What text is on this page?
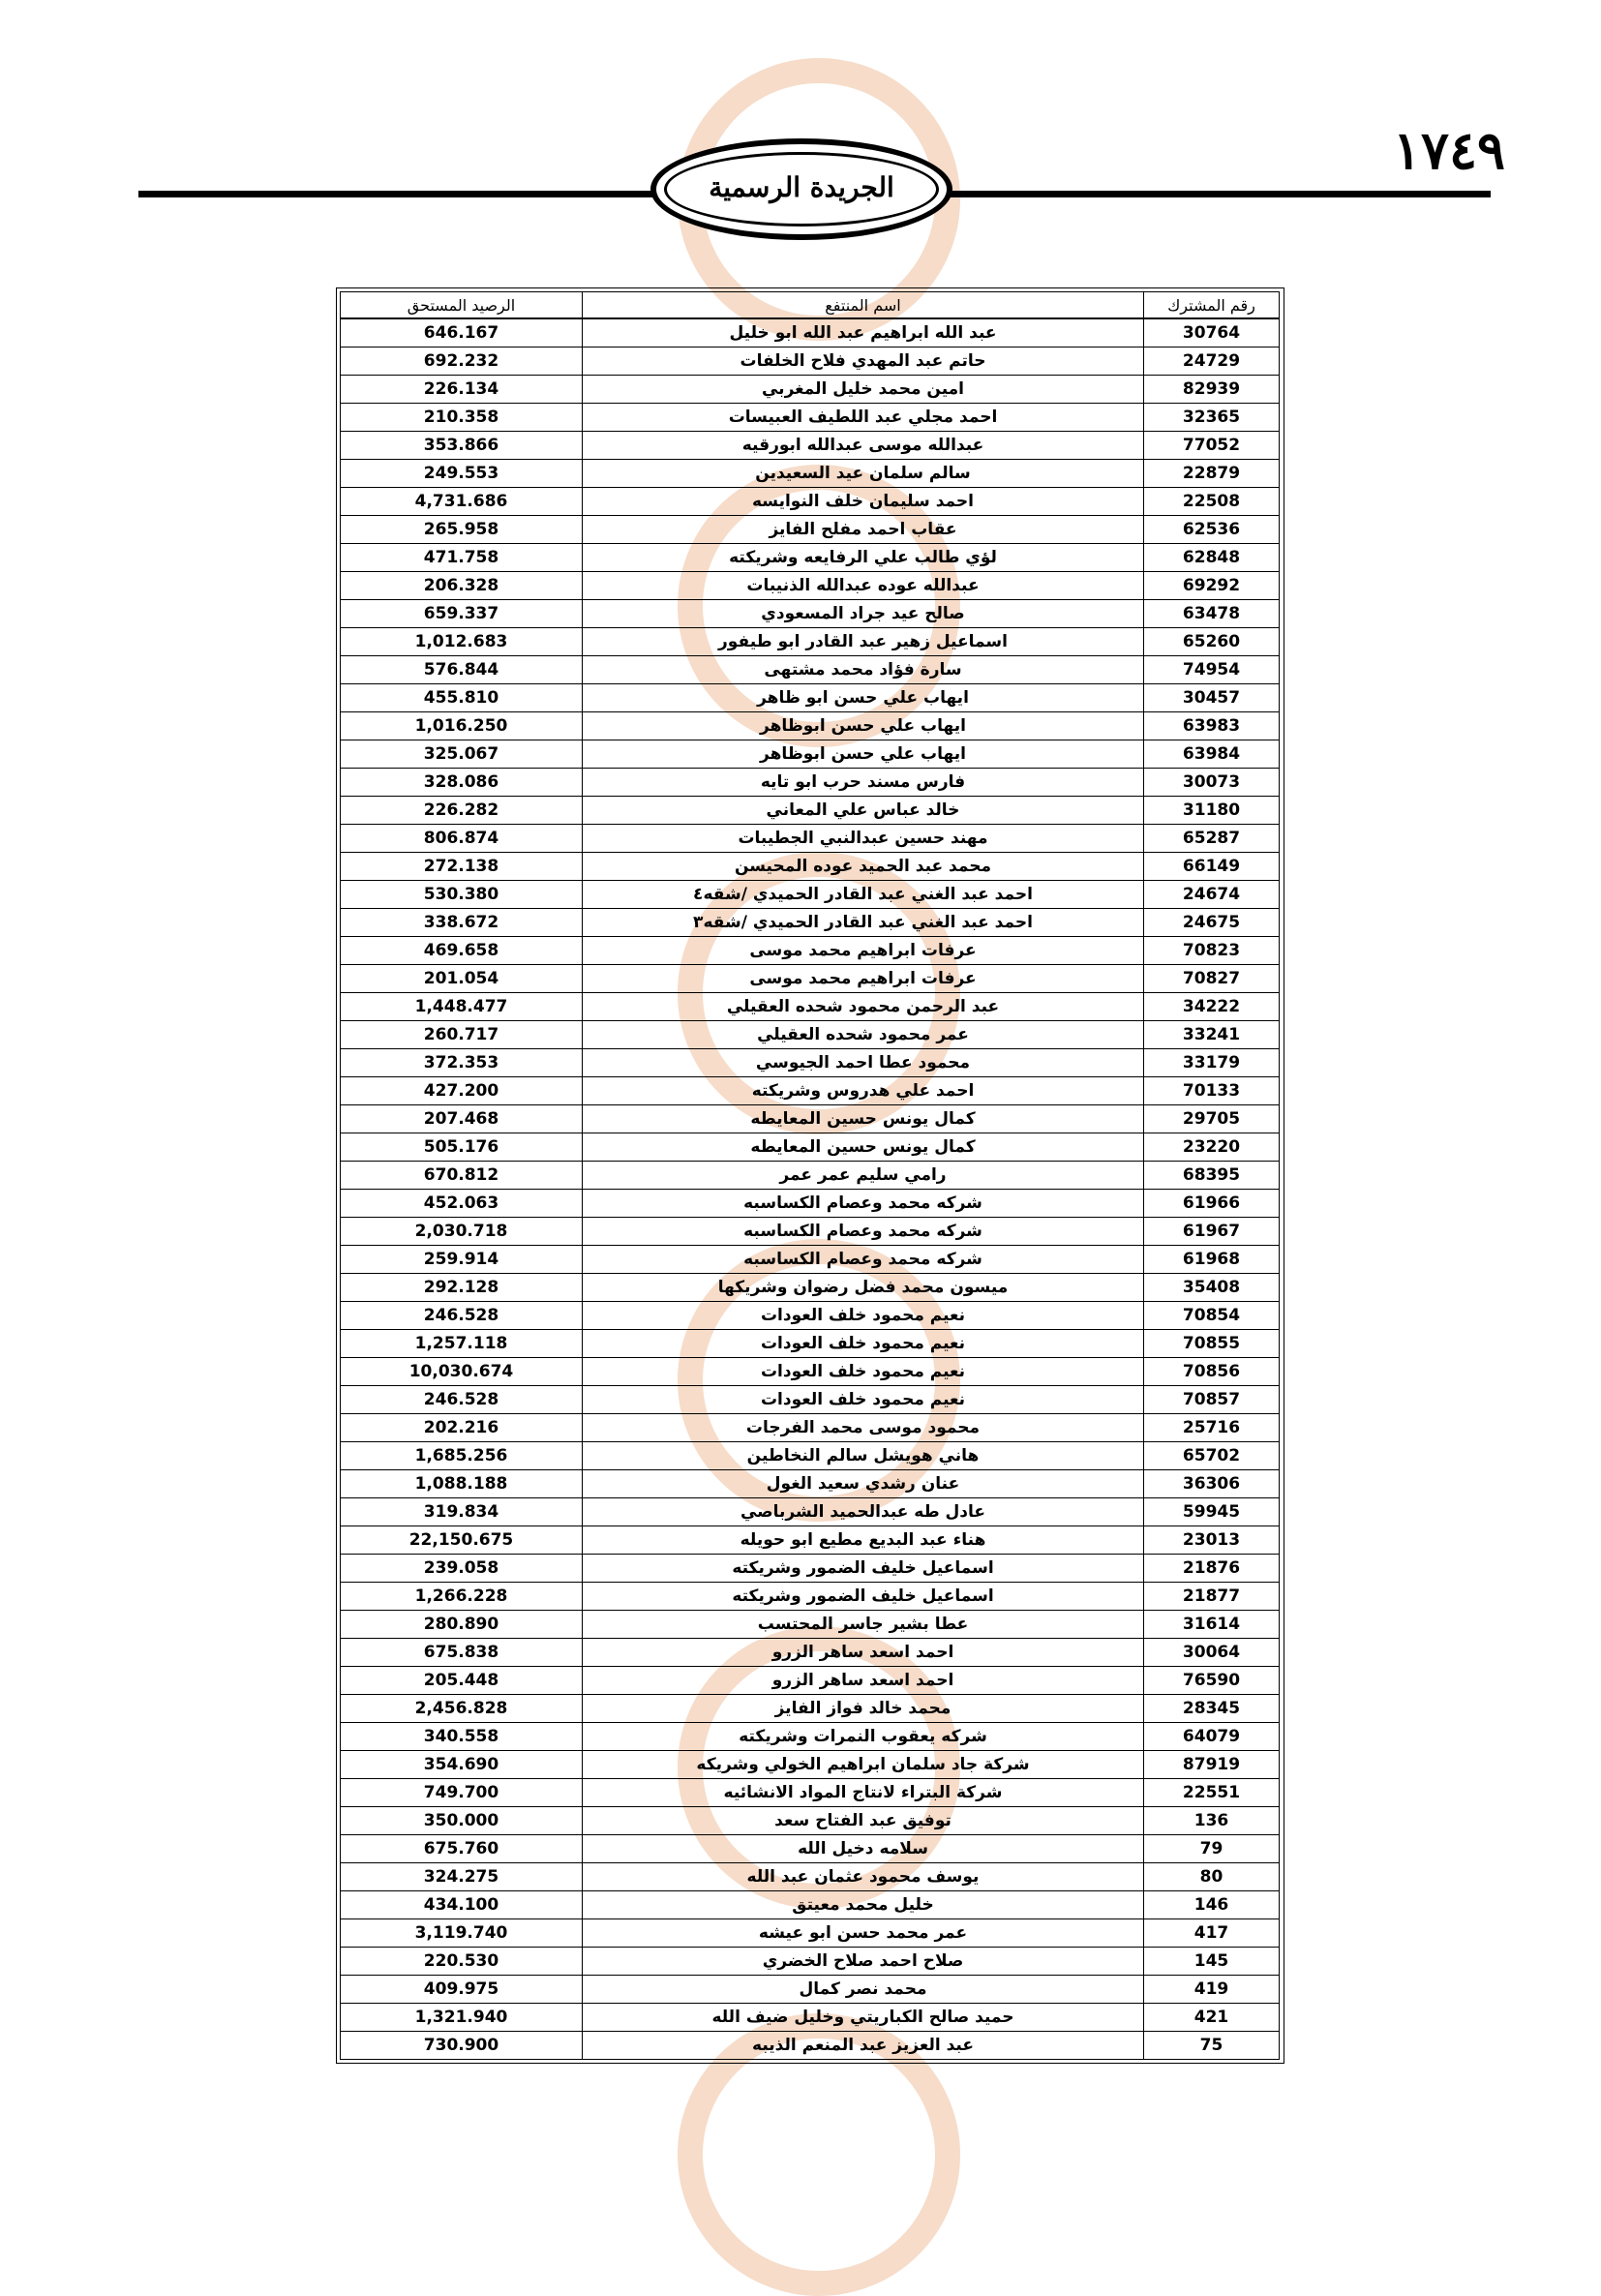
١٧٤٩
الجريدة الرسمية
الرصيد المستحق	اسم المنتفع	رقم المشترك
646.167	عبد الله ابراهيم عبد الله ابو خليل	30764
692.232	حاتم عبد المهدي فلاح الخلفات	24729
226.134	امين محمد خليل المغربي	82939
210.358	احمد مجلي عبد اللطيف العبيسات	32365
353.866	عبدالله موسى عبدالله ابورقيه	77052
249.553	سالم سلمان عيد السعيدين	22879
4,731.686	احمد سليمان خلف النوايسه	22508
265.958	عقاب احمد مفلح الفايز	62536
471.758	لؤي طالب علي الرفايعه وشريكته	62848
206.328	عبدالله عوده عبدالله الذنيبات	69292
659.337	صالح عيد جراد المسعودي	63478
1,012.683	اسماعيل زهير عبد القادر ابو طيفور	65260
576.844	سارة فؤاد محمد مشتهى	74954
455.810	ايهاب علي حسن ابو ظاهر	30457
1,016.250	ايهاب علي حسن ابوظاهر	63983
325.067	ايهاب علي حسن ابوظاهر	63984
328.086	فارس مسند حرب ابو تايه	30073
226.282	خالد عباس علي المعاني	31180
806.874	مهند حسين عبدالنبي الجطيبات	65287
272.138	محمد عبد الحميد عوده المحيسن	66149
530.380	احمد عبد الغني عبد القادر الحميدي /شقه٤	24674
338.672	احمد عبد الغني عبد القادر الحميدي /شقه٣	24675
469.658	عرفات ابراهيم محمد موسى	70823
201.054	عرفات ابراهيم محمد موسى	70827
1,448.477	عبد الرحمن محمود شحده العقيلي	34222
260.717	عمر محمود شحده العقيلي	33241
372.353	محمود عطا احمد الجيوسي	33179
427.200	احمد علي هدروس وشريكته	70133
207.468	كمال يونس حسين المعايطه	29705
505.176	كمال يونس حسين المعايطه	23220
670.812	رامي سليم عمر عمر	68395
452.063	شركه محمد وعصام الكساسبه	61966
2,030.718	شركه محمد وعصام الكساسبه	61967
259.914	شركه محمد وعصام الكساسبه	61968
292.128	ميسون محمد فضل رضوان وشريكها	35408
246.528	نعيم محمود خلف العودات	70854
1,257.118	نعيم محمود خلف العودات	70855
10,030.674	نعيم محمود خلف العودات	70856
246.528	نعيم محمود خلف العودات	70857
202.216	محمود موسى محمد الفرجات	25716
1,685.256	هاني هويشل سالم النخاطين	65702
1,088.188	عنان رشدي سعيد الغول	36306
319.834	عادل طه عبدالحميد الشرباصي	59945
22,150.675	هناء عبد البديع مطيع ابو حويله	23013
239.058	اسماعيل خليف الضمور وشريكته	21876
1,266.228	اسماعيل خليف الضمور وشريكته	21877
280.890	عطا بشير جاسر المحتسب	31614
675.838	احمد اسعد ساهر الزرو	30064
205.448	احمد اسعد ساهر الزرو	76590
2,456.828	محمد خالد فواز الفايز	28345
340.558	شركه يعقوب النمرات وشريكته	64079
354.690	شركة جاد سلمان ابراهيم الخولي وشريكه	87919
749.700	شركة البتراء لانتاج المواد الانشائيه	22551
350.000	توفيق عبد الفتاح سعد	136
675.760	سلامه دخيل الله	79
324.275	يوسف محمود عثمان عبد الله	80
434.100	خليل محمد معيتق	146
3,119.740	عمر محمد حسن ابو عيشه	417
220.530	صلاح احمد صلاح الخضري	145
409.975	محمد نصر كمال	419
1,321.940	حميد صالح الكباريتي وخليل ضيف الله	421
730.900	عبد العزيز عبد المنعم الذيبه	75
